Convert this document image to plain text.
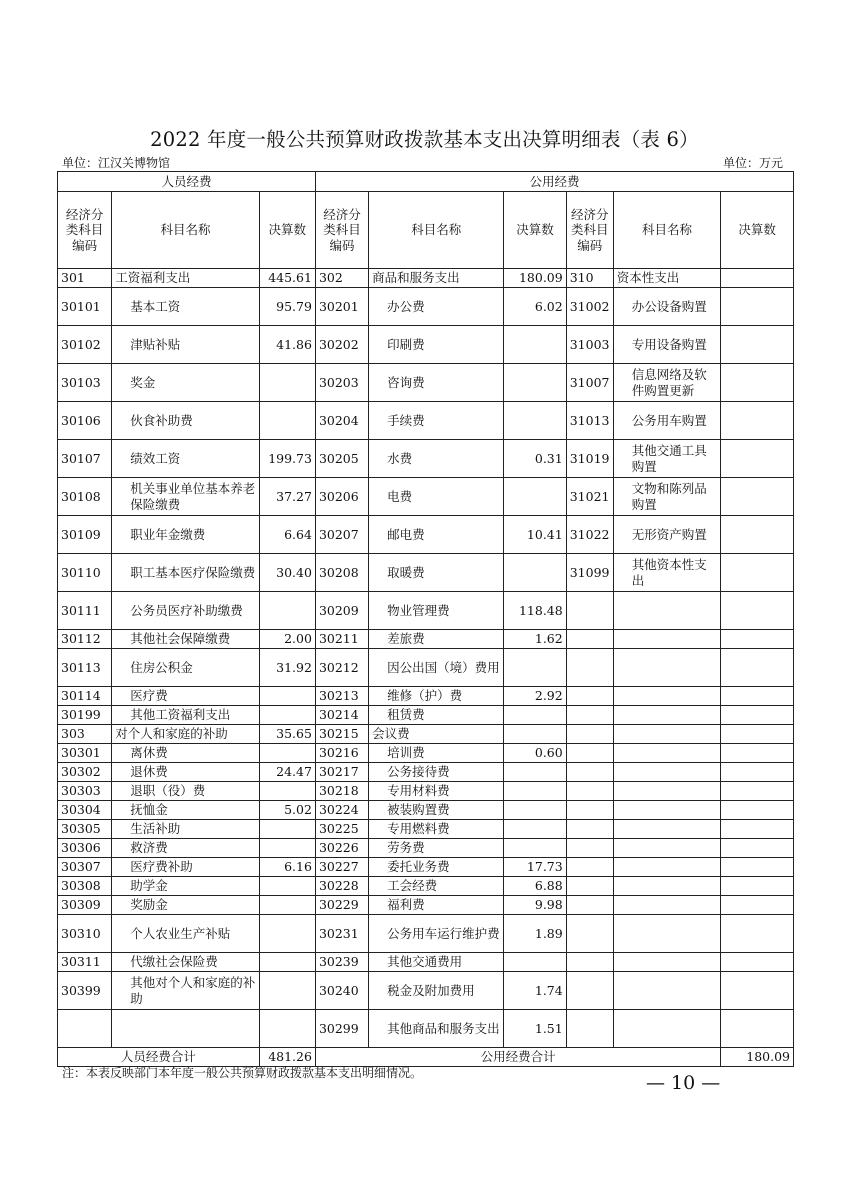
2022 年度一般公共预算财政拨款基本支出决算明细表（表 6）
单位：江汉关博物馆	单位：万元
人员经费			公用经费					
经济分类科目编码	科目名称	决算数	经济分类科目编码	科目名称	决算数	经济分类科目编码	科目名称	决算数
301	工资福利支出	445.61	302	商品和服务支出	180.09	310	资本性支出	
30101	基本工资	95.79	30201	办公费	6.02	31002	办公设备购置	
30102	津贴补贴	41.86	30202	印刷费		31003	专用设备购置	
30103	奖金		30203	咨询费		31007	信息网络及软件购置更新	
30106	伙食补助费		30204	手续费		31013	公务用车购置	
30107	绩效工资	199.73	30205	水费	0.31	31019	其他交通工具购置	
30108	机关事业单位基本养老保险缴费	37.27	30206	电费		31021	文物和陈列品购置	
30109	职业年金缴费	6.64	30207	邮电费	10.41	31022	无形资产购置	
30110	职工基本医疗保险缴费	30.40	30208	取暖费		31099	其他资本性支出	
30111	公务员医疗补助缴费		30209	物业管理费	118.48			
30112	其他社会保障缴费	2.00	30211	差旅费	1.62			
30113	住房公积金	31.92	30212	因公出国（境）费用				
30114	医疗费		30213	维修（护）费	2.92			
30199	其他工资福利支出		30214	租赁费				
303	对个人和家庭的补助	35.65	30215	会议费				
30301	离休费		30216	培训费	0.60			
30302	退休费	24.47	30217	公务接待费				
30303	退职（役）费		30218	专用材料费				
30304	抚恤金	5.02	30224	被装购置费				
30305	生活补助		30225	专用燃料费				
30306	救济费		30226	劳务费				
30307	医疗费补助	6.16	30227	委托业务费	17.73			
30308	助学金		30228	工会经费	6.88			
30309	奖励金		30229	福利费	9.98			
30310	个人农业生产补贴		30231	公务用车运行维护费	1.89			
30311	代缴社会保险费		30239	其他交通费用				
30399	其他对个人和家庭的补助		30240	税金及附加费用	1.74			
			30299	其他商品和服务支出	1.51			
人员经费合计		481.26	公用经费合计					180.09
注：本表反映部门本年度一般公共预算财政拨款基本支出明细情况。	— 10 —
